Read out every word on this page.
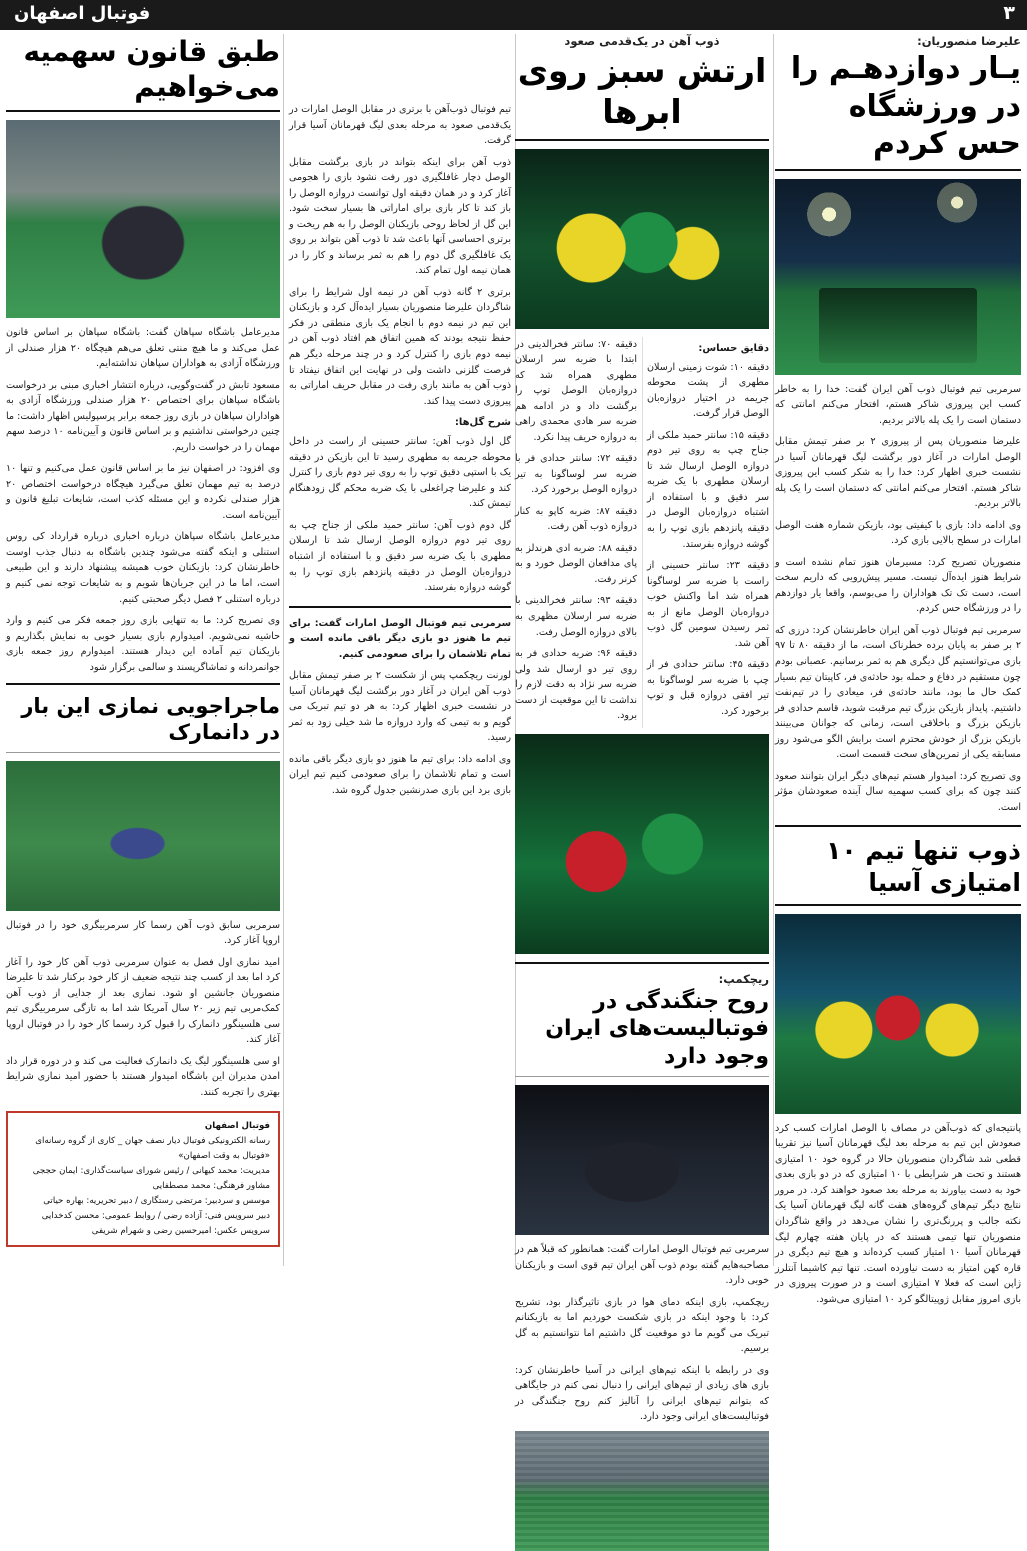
۳
فوتبال اصفهان
علیرضا منصوریان:
یـار دوازدهـم را در ورزشگاه حس کردم

سرمربی تیم فوتبال ذوب آهن ایران گفت: خدا را به خاطر کسب این پیروزی شاکر هستم، افتخار می‌کنم امانتی که دستمان است را یک پله بالاتر بردیم.

علیرضا منصوریان پس از پیروزی ۲ بر صفر تیمش مقابل الوصل امارات در آغاز دور برگشت لیگ قهرمانان آسیا در نشست خبری اظهار کرد: خدا را به شکر کسب این پیروزی شاکر هستم. افتخار می‌کنم امانتی که دستمان است را یک پله بالاتر بردیم.

وی ادامه داد: بازی با کیفیتی بود، بازیکن شماره هفت الوصل امارات در سطح بالایی بازی کرد.

منصوریان تصریح کرد: مسیرمان هنوز تمام نشده است و شرایط هنوز ایده‌آل نیست. مسیر پیش‌رویی که داریم سخت است، دست تک تک هواداران را می‌بوسم، واقعا یار دوازدهم را در ورزشگاه حس کردم.

سرمربی تیم فوتبال ذوب آهن ایران خاطرنشان کرد: درزی که ۲ بر صفر به پایان برده خطرناک است، ما از دقیقه ۸۰ تا ۹۷ بازی می‌توانستیم گل دیگری هم به ثمر برسانیم. عصبانی بودم چون مستقیم در دفاع و حمله بود حادثه‌ی فر، کاپیتان تیم بسیار کمک حال ما بود، مانند حادثه‌ی فر، میعادی را در تیم‌نفت داشتیم. پایداز بازیکن بزرگ تیم مرقبت شوید، قاسم حدادی فر بازیکن بزرگ و باخلاقی است، زمانی که جوانان می‌بینند بازیکن بزرگ از خودش محترم است برایش الگو می‌شود روز مسابقه یکی از تمرین‌های سخت قسمت است.

وی تصریح کرد: امیدوار هستم تیم‌های دیگر ایران بتوانند صعود کنند چون که برای کسب سهمیه سال آینده صعودشان مؤثر است.

ذوب تنها تیم ۱۰ امتیازی آسیا

پانتیجه‌ای که ذوب‌آهن در مصاف با الوصل امارات کسب کرد صعودش این تیم به مرحله بعد لیگ قهرمانان آسیا نیز تقریبا قطعی شد شاگردان منصوریان حالا در گروه خود ۱۰ امتیازی هستند و تحت هر شرایطی با ۱۰ امتیازی که در دو بازی بعدی خود به دست بیاورند به مرحله بعد صعود خواهند کرد. در مرور نتایج دیگر تیم‌های گروه‌های هفت گانه لیگ قهرمانان آسیا یک نکته جالب و پررنگ‌تری را نشان می‌دهد در واقع شاگردان منصوریان تنها تیمی هستند که در پایان هفته چهارم لیگ قهرمانان آسیا ۱۰ امتیاز کسب کرده‌اند و هیچ تیم دیگری در قاره کهن امتیاز به دست نیاورده است. تنها تیم کاشیما آنتلرز ژاپن است که فعلا ۷ امتیازی است و در صورت پیروزی در بازی امروز مقابل ژوپیتالگو کرد ۱۰ امتیازی می‌شود.

ذوب آهن در یک‌قدمی صعود
ارتش سبز روی ابرها
دقایق حساس:

دقیقه ۱۰: شوت زمینی ارسلان مطهری از پشت محوطه جریمه در اختیار دروازه‌بان الوصل قرار گرفت.

دقیقه ۱۵: سانتر حمید ملکی از جناح چپ به روی تیر دوم دروازه الوصل ارسال شد تا ارسلان مطهری با یک ضربه سر دقیق و با استفاده از اشتباه دروازه‌بان الوصل در دقیقه پانزدهم بازی توپ را به گوشه دروازه بفرستد.

دقیقه ۲۳: سانتر حسینی از راست با ضربه سر لوساگونا همراه شد اما واکنش خوب دروازه‌بان الوصل مانع از به ثمر رسیدن سومین گل ذوب آهن شد.

دقیقه ۴۵: سانتر حدادی فر از چپ با ضربه سر لوساگونا به تیر افقی دروازه قبل و توپ برخورد کرد.

دقیقه ۷۰: سانتر فخرالدینی در ابتدا با ضربه سر ارسلان مطهری همراه شد که دروازه‌بان الوصل توپ را برگشت داد و در ادامه هم ضربه سر هادی محمدی راهی به دروازه حریف پیدا نکرد.

دقیقه ۷۲: سانتر حدادی فر با ضربه سر لوساگونا به تیر دروازه الوصل برخورد کرد.

دقیقه ۸۷: ضربه کاپو به کنار دروازه ذوب آهن رفت.

دقیقه ۸۸: ضربه ادی هرندلز به پای مدافعان الوصل خورد و به کرنر رفت.

دقیقه ۹۳: سانتر فخرالدینی با ضربه سر ارسلان مظهری به بالای دروازه الوصل رفت.

دقیقه ۹۶: ضربه حدادی فر به روی تیر دو ارسال شد ولی ضربه سر نژاد به دقت لازم را نداشت تا این موقعیت از دست برود.

ریچکمپ:
روح جنگندگی در فوتبالیست‌های ایران وجود دارد

سرمربی تیم فوتبال الوصل امارات گفت: همانطور که قبلاً هم در مصاحبه‌هایم گفته بودم ذوب آهن ایران تیم قوی است و بازیکنان خوبی دارد.

ریچکمپ، بازی اینکه دمای هوا در بازی تاثیرگذار بود، تشریح کرد: با وجود اینکه در بازی شکست خوردیم اما به بازیکنانم تبریک می گویم ما دو موقعیت گل داشتیم اما نتوانستیم به گل برسیم.

وی در رابطه با اینکه تیم‌های ایرانی در آسیا خاطرنشان کرد: بازی های زیادی از تیم‌های ایرانی را دنبال نمی کنم در جایگاهی که بتوانم تیم‌های ایرانی را آنالیز کنم روح جنگندگی در فوتبالیست‌های ایرانی وجود دارد.

تیم فوتبال ذوب‌آهن با برتری در مقابل الوصل امارات در یک‌قدمی صعود به مرحله بعدی لیگ قهرمانان آسیا قرار گرفت.

ذوب آهن برای اینکه بتواند در بازی برگشت مقابل الوصل دچار غافلگیری دور رفت نشود بازی را هجومی آغاز کرد و در همان دقیقه اول توانست دروازه الوصل را باز کند تا کار بازی برای اماراتی ها بسیار سخت شود. این گل از لحاظ روحی بازیکنان الوصل را به هم ریخت و برتری احساسی آنها باعث شد تا ذوب آهن بتواند بر روی یک غافلگیری گل دوم را هم به ثمر برساند و کار را در همان نیمه اول تمام کند.

برتری ۲ گانه ذوب آهن در نیمه اول شرایط را برای شاگردان علیرضا منصوریان بسیار ایده‌آل کرد و بازیکنان این تیم در نیمه دوم با انجام یک بازی منطقی در فکر حفظ نتیجه بودند که همین اتفاق هم افتاد ذوب آهن در نیمه دوم بازی را کنترل کرد و در چند مرحله دیگر هم فرصت گلزنی داشت ولی در نهایت این اتفاق نیفتاد تا ذوب آهن به مانند بازی رفت در مقابل حریف اماراتی به پیروزی دست پیدا کند.

شرح گل‌ها:

گل اول ذوب آهن: سانتر حسینی از راست در داخل محوطه جریمه به مطهری رسید تا این بازیکن در دقیقه یک با استپی دقیق توپ را به روی تیر دوم بازی را کنترل کند و علیرضا چراغعلی با یک ضربه محکم گل زودهنگام تیمش کند.

گل دوم ذوب آهن: سانتر حمید ملکی از جناح چپ به روی تیر دوم دروازه الوصل ارسال شد تا ارسلان مطهری با یک ضربه سر دقیق و با استفاده از اشتباه دروازه‌بان الوصل در دقیقه پانزدهم بازی توپ را به گوشه دروازه بفرستد.

سرمربی تیم فوتبال الوصل امارات گفت: برای تیم ما هنوز دو بازی دیگر باقی مانده است و تمام تلاشمان را برای صعودمی کنیم.

لورنت ریچکمپ پس از شکست ۲ بر صفر تیمش مقابل ذوب آهن ایران در آغاز دور برگشت لیگ قهرمانان آسیا در نشست خبری اظهار کرد: به هر دو تیم تبریک می گویم و به تیمی که وارد دروازه ما شد خیلی زود به ثمر رسید.

وی ادامه داد: برای تیم ما هنوز دو بازی دیگر باقی مانده است و تمام تلاشمان را برای صعودمی کنیم تیم ایران بازی برد این بازی صدرنشین جدول گروه شد.

طبق قانون سهمیه می‌خواهیم

مدیرعامل باشگاه سپاهان گفت: باشگاه سپاهان بر اساس قانون عمل می‌کند و ما هیچ منتی تعلق می‌هم هیچگاه ۲۰ هزار صندلی از ورزشگاه آزادی به هواداران سپاهان نداشته‌ایم.

مسعود تابش در گفت‌وگویی، درباره انتشار اخباری مبنی بر درخواست باشگاه سپاهان برای اختصاص ۲۰ هزار صندلی ورزشگاه آزادی به هواداران سپاهان در بازی روز جمعه برابر پرسپولیس اظهار داشت: ما چنین درخواستی نداشتیم و بر اساس قانون و آیین‌نامه ۱۰ درصد سهم مهمان را در خواست داریم.

وی افزود: در اصفهان نیز ما بر اساس قانون عمل می‌کنیم و تنها ۱۰ درصد به تیم مهمان تعلق می‌گیرد هیچگاه درخواست اختصاص ۲۰ هزار صندلی نکرده و این مسئله کذب است، شایعات تبلیغ قانون و آیین‌نامه است.

مدیرعامل باشگاه سپاهان درباره اخباری درباره قرارداد کی روس استنلی و اینکه گفته می‌شود چندین باشگاه به دنبال جذب اوست خاطرنشان کرد: بازیکنان خوب همیشه پیشنهاد دارند و این طبیعی است، اما ما در این جریان‌ها شویم و به شایعات توجه نمی کنیم و درباره استنلی ۲ فصل دیگر صحبتی کنیم.

وی تصریح کرد: ما به تنهایی بازی روز جمعه فکر می کنیم و وارد حاشیه نمی‌شویم. امیدوارم بازی بسیار خوبی به نمایش بگذاریم و بازیکنان تیم آماده این دیدار هستند. امیدوارم روز جمعه بازی جوانمردانه و تماشاگرپسند و سالمی برگزار شود

ماجراجویی نمازی این بار در دانمارک

سرمربی سابق ذوب آهن رسما کار سرمربیگری خود را در فوتبال اروپا آغاز کرد.

امید نمازی اول فصل به عنوان سرمربی ذوب آهن کار خود را آغاز کرد اما بعد از کسب چند نتیجه ضعیف از کار خود برکنار شد تا علیرضا منصوریان جانشین او شود. نمازی بعد از جدایی از ذوب آهن کمک‌مربی تیم زیر ۲۰ سال آمریکا شد اما به تازگی سرمربیگری تیم سی هلسینگور دانمارک را قبول کرد رسما کار خود را در فوتبال اروپا آغاز کند.

او سی هلسینگور لیگ یک دانمارک فعالیت می کند و در دوره قرار داد امدن مدیران این باشگاه امیدوار هستند با حضور امید نمازی شرایط بهتری را تجربه کنند.

فوتبال اصفهان
رسانه الکترونیکی فوتبال دیار نصف جهان _ کاری از گروه رسانه‌ای «فوتبال به وقت اصفهان»
مدیریت: محمد کیهانی / رئیس شورای سیاست‌گذاری: ایمان حججی
مشاور فرهنگی: محمد مصطفایی
موسس و سردبیر: مرتضی رستگاری / دبیر تحریریه: بهاره حیاتی
دبیر سرویس فنی: آزاده رضی / روابط عمومی: محسن کدخدایی
سرویس عکس: امیرحسین رضی و شهرام شریفی
